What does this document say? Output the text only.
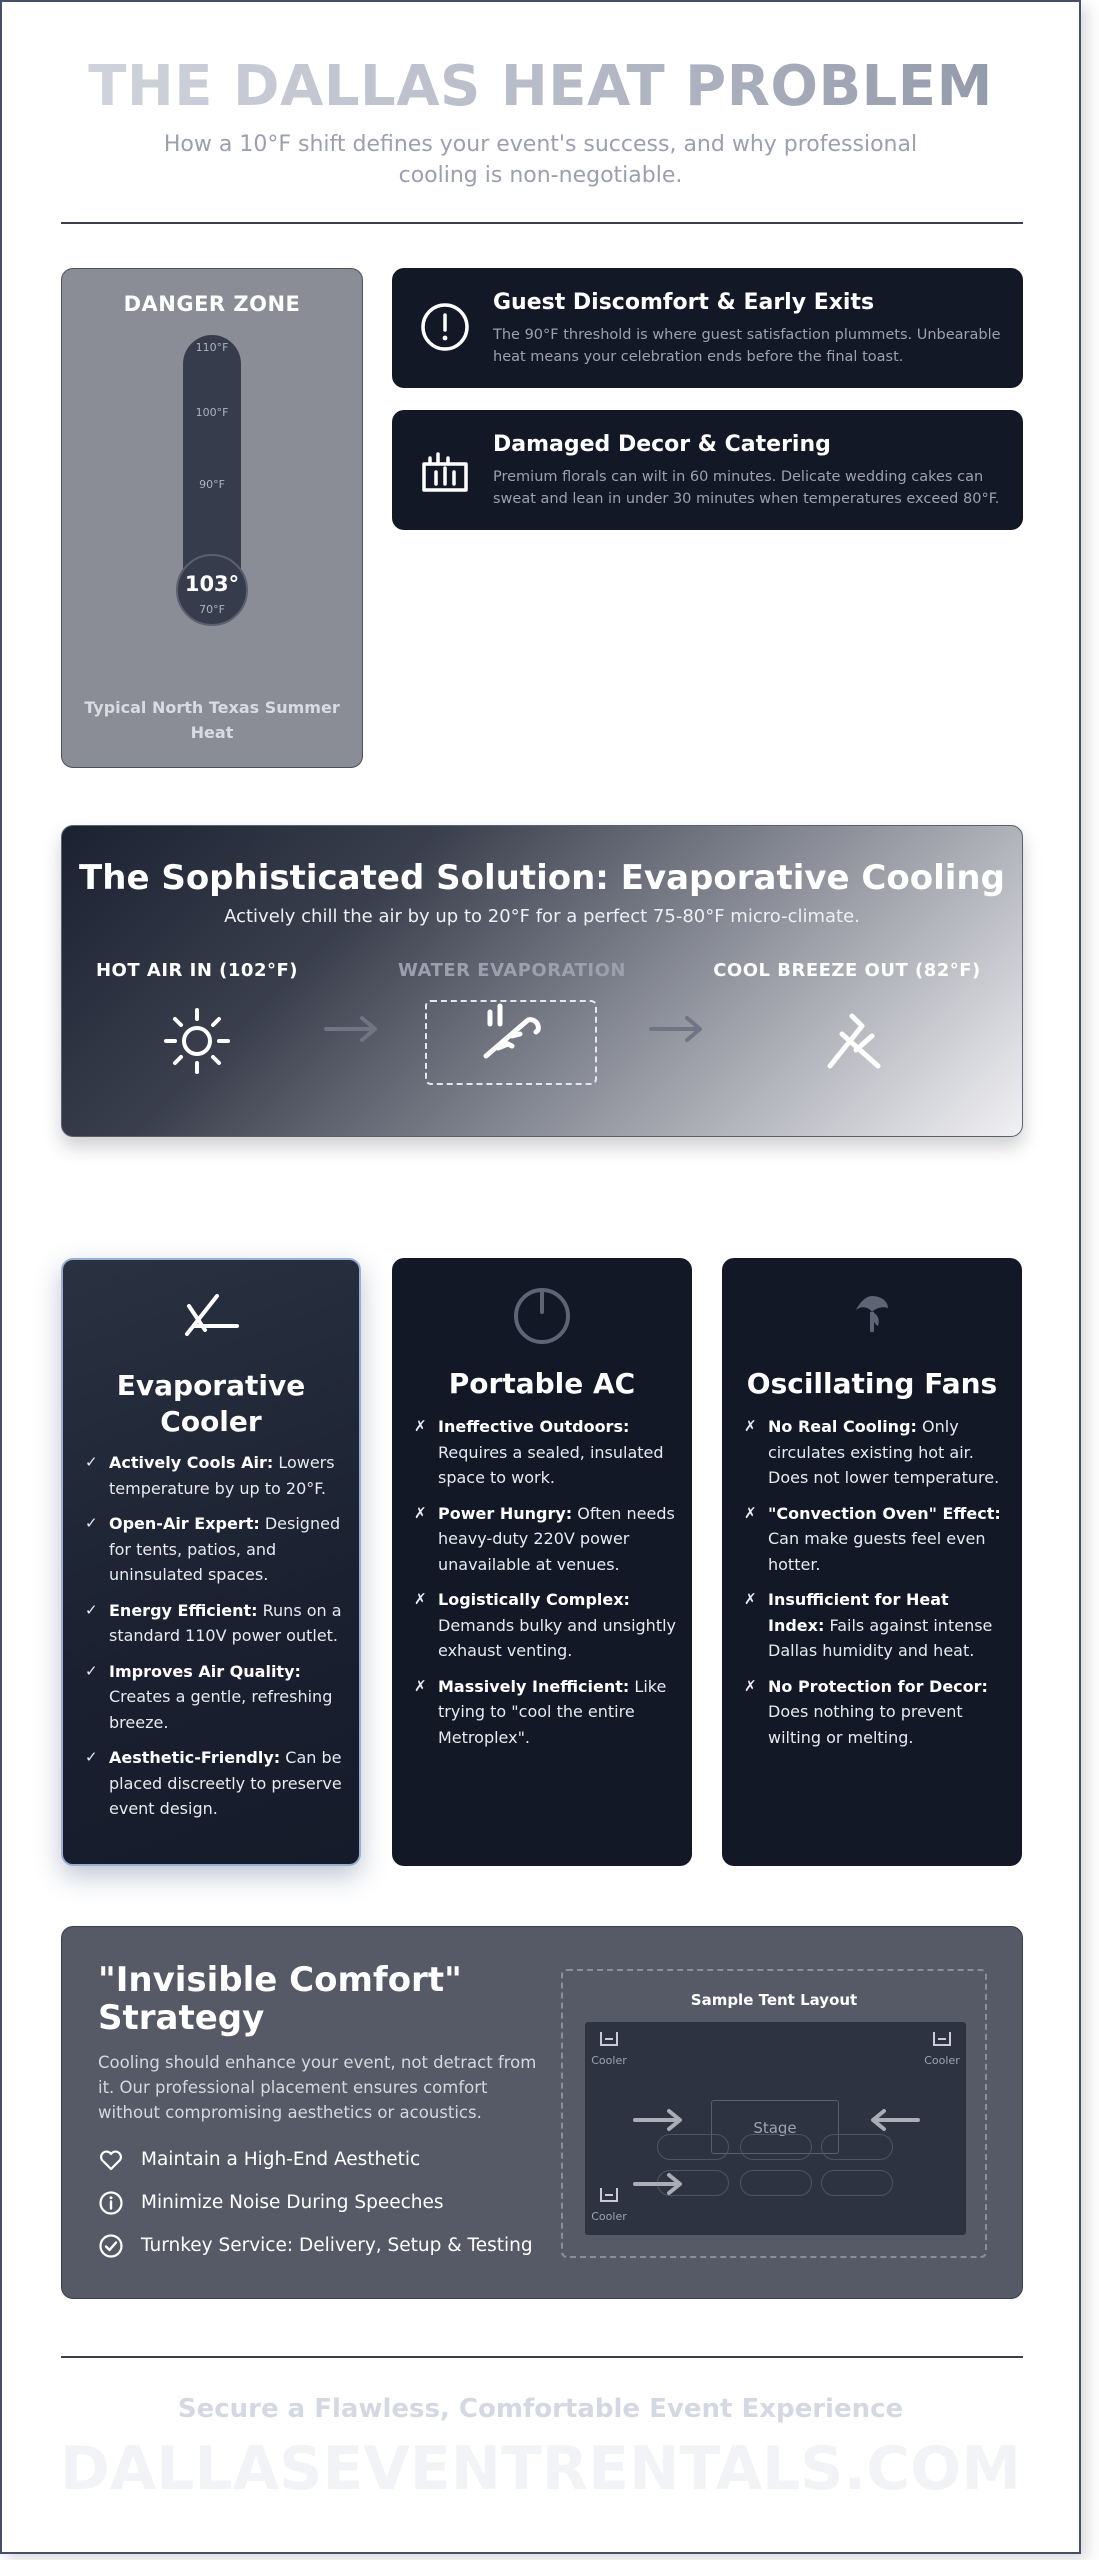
THE DALLAS HEAT PROBLEM

How a 10°F shift defines your event's success, and why professional cooling is non-negotiable.

DANGER ZONE
110°F
100°F
90°F
103°
70°F
Typical North Texas Summer Heat
Guest Discomfort & Early Exits
The 90°F threshold is where guest satisfaction plummets. Unbearable heat means your celebration ends before the final toast.
Damaged Decor & Catering
Premium florals can wilt in 60 minutes. Delicate wedding cakes can sweat and lean in under 30 minutes when temperatures exceed 80°F.
The Sophisticated Solution: Evaporative Cooling
Actively chill the air by up to 20°F for a perfect 75-80°F micro-climate.
HOT AIR IN (102°F)	WATER EVAPORATION	COOL BREEZE OUT (82°F)
Evaporative Cooler
✓ Actively Cools Air: Lowers temperature by up to 20°F.
✓ Open-Air Expert: Designed for tents, patios, and uninsulated spaces.
✓ Energy Efficient: Runs on a standard 110V power outlet.
✓ Improves Air Quality: Creates a gentle, refreshing breeze.
✓ Aesthetic-Friendly: Can be placed discreetly to preserve event design.
Portable AC
✗ Ineffective Outdoors: Requires a sealed, insulated space to work.
✗ Power Hungry: Often needs heavy-duty 220V power unavailable at venues.
✗ Logistically Complex: Demands bulky and unsightly exhaust venting.
✗ Massively Inefficient: Like trying to "cool the entire Metroplex".
Oscillating Fans
✗ No Real Cooling: Only circulates existing hot air. Does not lower temperature.
✗ "Convection Oven" Effect: Can make guests feel even hotter.
✗ Insufficient for Heat Index: Fails against intense Dallas humidity and heat.
✗ No Protection for Decor: Does nothing to prevent wilting or melting.
"Invisible Comfort" Strategy
Cooling should enhance your event, not detract from it. Our professional placement ensures comfort without compromising aesthetics or acoustics.
Maintain a High-End Aesthetic
Minimize Noise During Speeches
Turnkey Service: Delivery, Setup & Testing
Sample Tent Layout
Cooler	Cooler
Cooler
Stage
Secure a Flawless, Comfortable Event Experience
DALLASEVENTRENTALS.COM
